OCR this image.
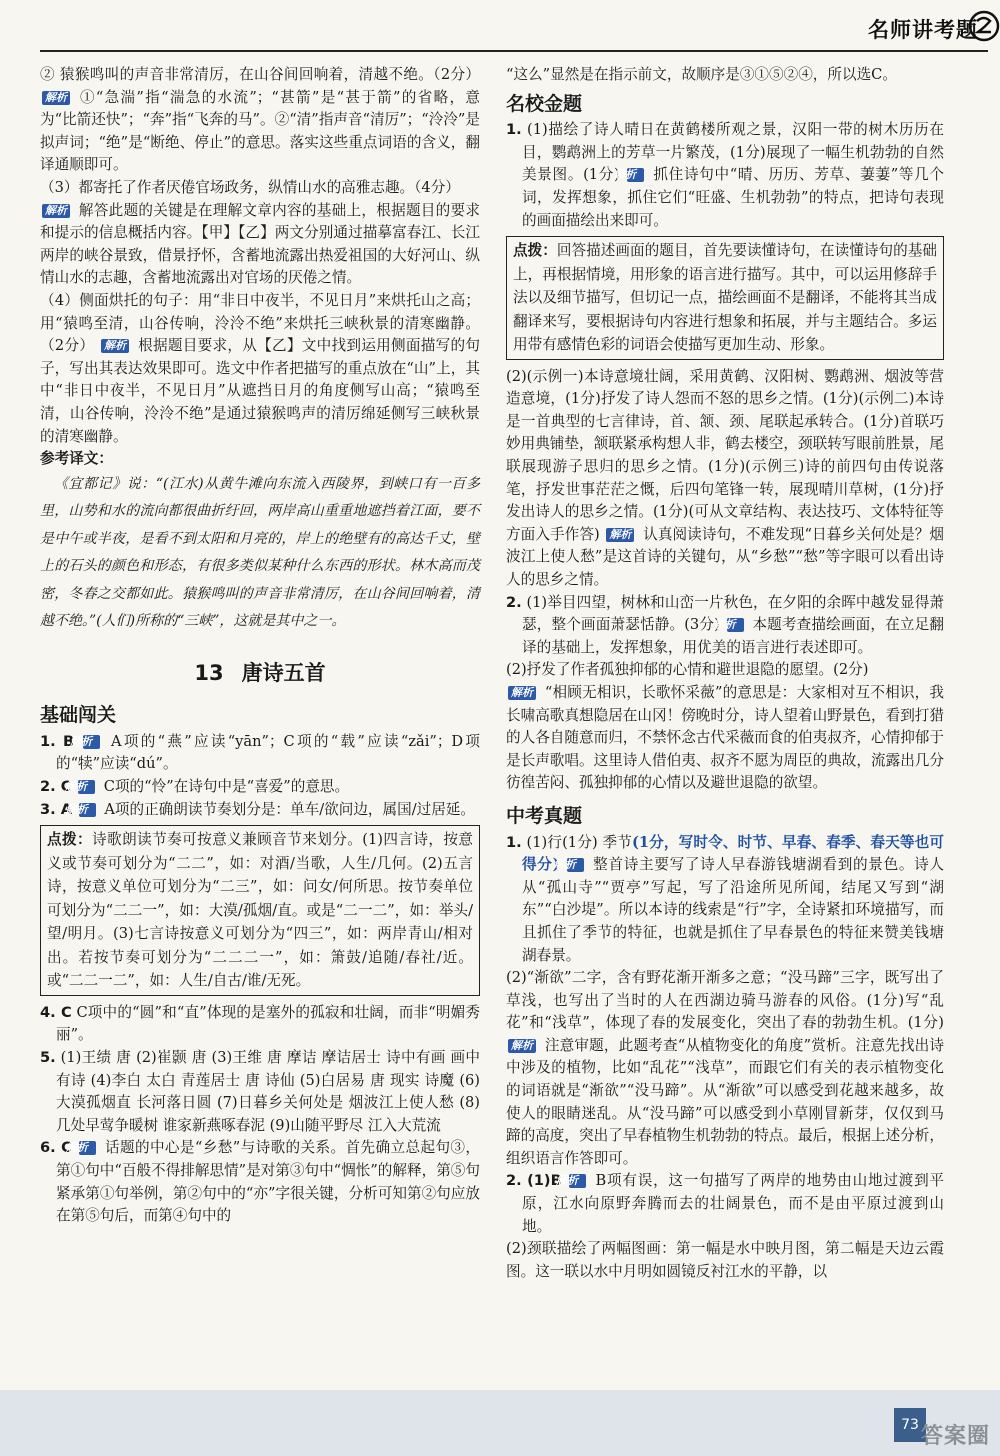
名师讲考题
② 猿猴鸣叫的声音非常清厉，在山谷间回响着，清越不绝。（2分） 解析 ①“急湍”指“湍急的水流”；“甚箭”是“甚于箭”的省略，意为“比箭还快”；“奔”指“飞奔的马”。②“清”指声音“清厉”；“泠泠”是拟声词；“绝”是“断绝、停止”的意思。落实这些重点词语的含义，翻译通顺即可。
（3）都寄托了作者厌倦官场政务，纵情山水的高雅志趣。（4分）
解析 解答此题的关键是在理解文章内容的基础上，根据题目的要求和提示的信息概括内容。【甲】【乙】两文分别通过描摹富春江、长江两岸的峡谷景致，借景抒怀，含蓄地流露出热爱祖国的大好河山、纵情山水的志趣，含蓄地流露出对官场的厌倦之情。
（4）侧面烘托的句子：用“非日中夜半，不见日月”来烘托山之高；用“猿鸣至清，山谷传响，泠泠不绝”来烘托三峡秋景的清寒幽静。（2分） 解析 根据题目要求，从【乙】文中找到运用侧面描写的句子，写出其表达效果即可。选文中作者把描写的重点放在“山”上，其中“非日中夜半，不见日月”从遮挡日月的角度侧写山高；“猿鸣至清，山谷传响，泠泠不绝”是通过猿猴鸣声的清厉绵延侧写三峡秋景的清寒幽静。
参考译文：
《宜都记》说：“(江水)从黄牛滩向东流入西陵界，到峡口有一百多里，山势和水的流向都很曲折纡回，两岸高山重重地遮挡着江面，要不是中午或半夜，是看不到太阳和月亮的，岸上的绝壁有的高达千丈，壁上的石头的颜色和形态，有很多类似某种什么东西的形状。林木高而茂密，冬春之交都如此。猿猴鸣叫的声音非常清厉，在山谷间回响着，清越不绝。”(人们)所称的“三峡”，这就是其中之一。
13 唐诗五首
基础闯关
1. B 解析 A项的“燕”应读“yān”；C项的“载”应读“zǎi”；D项的“犊”应读“dú”。
2. C 解析 C项的“怜”在诗句中是“喜爱”的意思。
3. A 解析 A项的正确朗读节奏划分是：单车/欲问边，属国/过居延。
点拨：诗歌朗读节奏可按意义兼顾音节来划分。(1)四言诗，按意义或节奏可划分为“二二”，如：对酒/当歌，人生/几何。(2)五言诗，按意义单位可划分为“二三”，如：问女/何所思。按节奏单位可划分为“二二一”，如：大漠/孤烟/直。或是“二一二”，如：举头/望/明月。(3)七言诗按意义可划分为“四三”，如：两岸青山/相对出。若按节奏可划分为“二二二一”，如：箫鼓/追随/春社/近。或“二二一二”，如：人生/自古/谁/无死。
4. C C项中的“圆”和“直”体现的是塞外的孤寂和壮阔，而非“明媚秀丽”。
5. (1)王绩 唐 (2)崔颢 唐 (3)王维 唐 摩诘 摩诘居士 诗中有画 画中有诗 (4)李白 太白 青莲居士 唐 诗仙 (5)白居易 唐 现实 诗魔 (6)大漠孤烟直 长河落日圆 (7)日暮乡关何处是 烟波江上使人愁 (8)几处早莺争暖树 谁家新燕啄春泥 (9)山随平野尽 江入大荒流
6. C 解析 话题的中心是“乡愁”与诗歌的关系。首先确立总起句③，第①句中“百般不得排解思情”是对第③句中“惆怅”的解释，第⑤句紧承第①句举例，第②句中的“亦”字很关键，分析可知第②句应放在第⑤句后，而第④句中的
“这么”显然是在指示前文，故顺序是③①⑤②④，所以选C。
名校金题
1. (1)描绘了诗人晴日在黄鹤楼所观之景，汉阳一带的树木历历在目，鹦鹉洲上的芳草一片繁茂，(1分)展现了一幅生机勃勃的自然美景图。(1分) 解析 抓住诗句中“晴、历历、芳草、萋萋”等几个词，发挥想象，抓住它们“旺盛、生机勃勃”的特点，把诗句表现的画面描绘出来即可。
点拨：回答描述画面的题目，首先要读懂诗句，在读懂诗句的基础上，再根据情境，用形象的语言进行描写。其中，可以运用修辞手法以及细节描写，但切记一点，描绘画面不是翻译，不能将其当成翻译来写，要根据诗句内容进行想象和拓展，并与主题结合。多运用带有感情色彩的词语会使描写更加生动、形象。
(2)(示例一)本诗意境壮阔，采用黄鹤、汉阳树、鹦鹉洲、烟波等营造意境，(1分)抒发了诗人怨而不怒的思乡之情。(1分)(示例二)本诗是一首典型的七言律诗，首、颔、颈、尾联起承转合。(1分)首联巧妙用典铺垫，颔联紧承构想人非，鹤去楼空，颈联转写眼前胜景，尾联展现游子思归的思乡之情。(1分)(示例三)诗的前四句由传说落笔，抒发世事茫茫之慨，后四句笔锋一转，展现晴川草树，(1分)抒发出诗人的思乡之情。(1分)(可从文章结构、表达技巧、文体特征等方面入手作答) 解析 认真阅读诗句，不难发现“日暮乡关何处是？烟波江上使人愁”是这首诗的关键句，从“乡愁”“愁”等字眼可以看出诗人的思乡之情。
2. (1)举目四望，树林和山峦一片秋色，在夕阳的余晖中越发显得萧瑟，整个画面萧瑟恬静。(3分) 解析 本题考查描绘画面，在立足翻译的基础上，发挥想象，用优美的语言进行表述即可。
(2)抒发了作者孤独抑郁的心情和避世退隐的愿望。(2分)
解析 “相顾无相识，长歌怀采薇”的意思是：大家相对互不相识，我长啸高歌真想隐居在山冈！傍晚时分，诗人望着山野景色，看到打猎的人各自随意而归，不禁怀念古代采薇而食的伯夷叔齐，心情抑郁于是长声歌唱。这里诗人借伯夷、叔齐不愿为周臣的典故，流露出几分彷徨苦闷、孤独抑郁的心情以及避世退隐的欲望。
中考真题
1. (1)行(1分) 季节(1分，写时令、时节、早春、春季、春天等也可得分) 解析 整首诗主要写了诗人早春游钱塘湖看到的景色。诗人从“孤山寺”“贾亭”写起，写了沿途所见所闻，结尾又写到“湖东”“白沙堤”。所以本诗的线索是“行”字，全诗紧扣环境描写，而且抓住了季节的特征，也就是抓住了早春景色的特征来赞美钱塘湖春景。
(2)“渐欲”二字，含有野花渐开渐多之意；“没马蹄”三字，既写出了草浅，也写出了当时的人在西湖边骑马游春的风俗。(1分)写“乱花”和“浅草”，体现了春的发展变化，突出了春的勃勃生机。(1分) 解析 注意审题，此题考查“从植物变化的角度”赏析。注意先找出诗中涉及的植物，比如“乱花”“浅草”，而跟它们有关的表示植物变化的词语就是“渐欲”“没马蹄”。从“渐欲”可以感受到花越来越多，故使人的眼睛迷乱。从“没马蹄”可以感受到小草刚冒新芽，仅仅到马蹄的高度，突出了早春植物生机勃勃的特点。最后，根据上述分析，组织语言作答即可。
2. (1)B 解析 B项有误，这一句描写了两岸的地势由山地过渡到平原，江水向原野奔腾而去的壮阔景色，而不是由平原过渡到山地。
(2)颈联描绘了两幅图画：第一幅是水中映月图，第二幅是天边云霞图。这一联以水中月明如圆镜反衬江水的平静，以
73 答案圈
